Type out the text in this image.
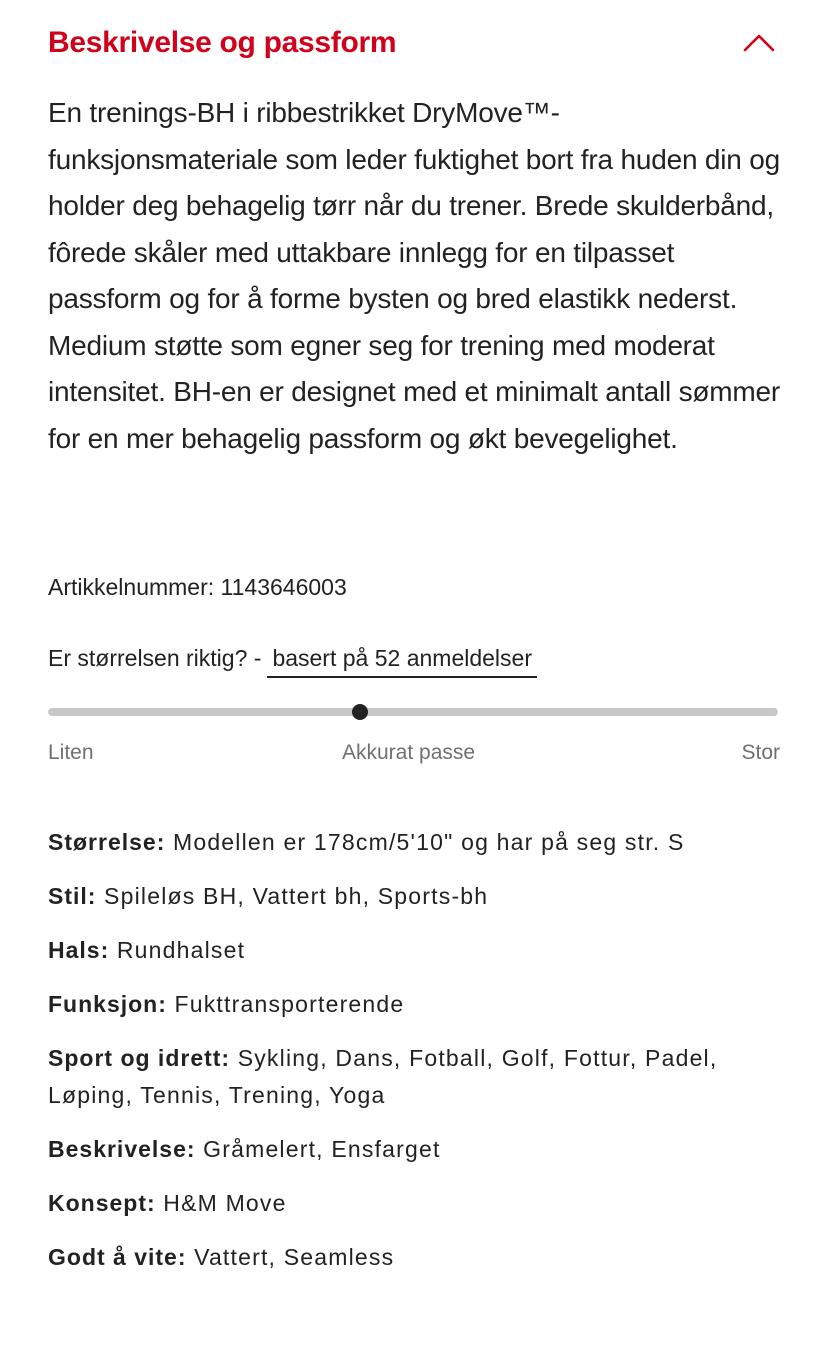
Beskrivelse og passform

En trenings-BH i ribbestrikket DryMove™-funksjonsmateriale som leder fuktighet bort fra huden din og holder deg behagelig tørr når du trener. Brede skulderbånd, fôrede skåler med uttakbare innlegg for en tilpasset passform og for å forme bysten og bred elastikk nederst. Medium støtte som egner seg for trening med moderat intensitet. BH-en er designet med et minimalt antall sømmer for en mer behagelig passform og økt bevegelighet.

Artikkelnummer: 1143646003
Er størrelsen riktig? - basert på 52 anmeldelser
Liten	Akkurat passe	Stor

Størrelse: Modellen er 178cm/5'10" og har på seg str. S

Stil: Spileløs BH, Vattert bh, Sports-bh

Hals: Rundhalset

Funksjon: Fukttransporterende

Sport og idrett: Sykling, Dans, Fotball, Golf, Fottur, Padel, Løping, Tennis, Trening, Yoga

Beskrivelse: Gråmelert, Ensfarget

Konsept: H&M Move

Godt å vite: Vattert, Seamless
